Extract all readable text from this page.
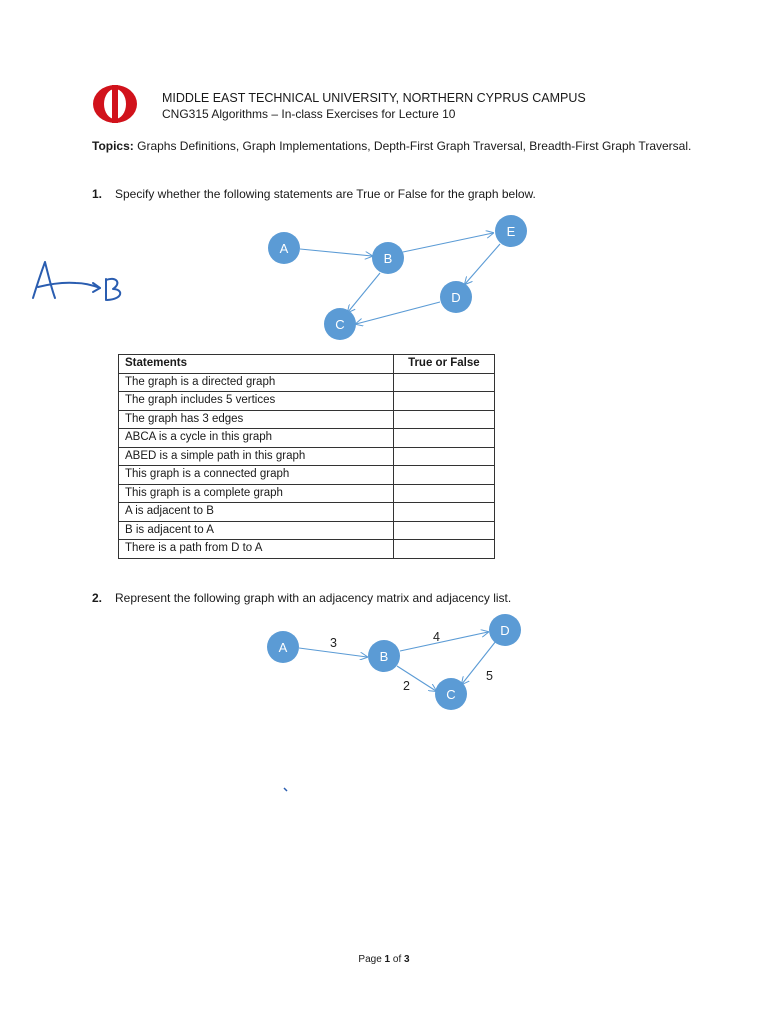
MIDDLE EAST TECHNICAL UNIVERSITY, NORTHERN CYPRUS CAMPUS
CNG315 Algorithms – In-class Exercises for Lecture 10
Topics: Graphs Definitions, Graph Implementations, Depth-First Graph Traversal, Breadth-First Graph Traversal.
1. Specify whether the following statements are True or False for the graph below.
A
B
C
D
E
3	4
2
5
A
B
C
D
Statements	True or False
The graph is a directed graph	
The graph includes 5 vertices	
The graph has 3 edges	
ABCA is a cycle in this graph	
ABED is a simple path in this graph	
This graph is a connected graph	
This graph is a complete graph	
A is adjacent to B	
B is adjacent to A	
There is a path from D to A	
2. Represent the following graph with an adjacency matrix and adjacency list.
Page 1 of 3
